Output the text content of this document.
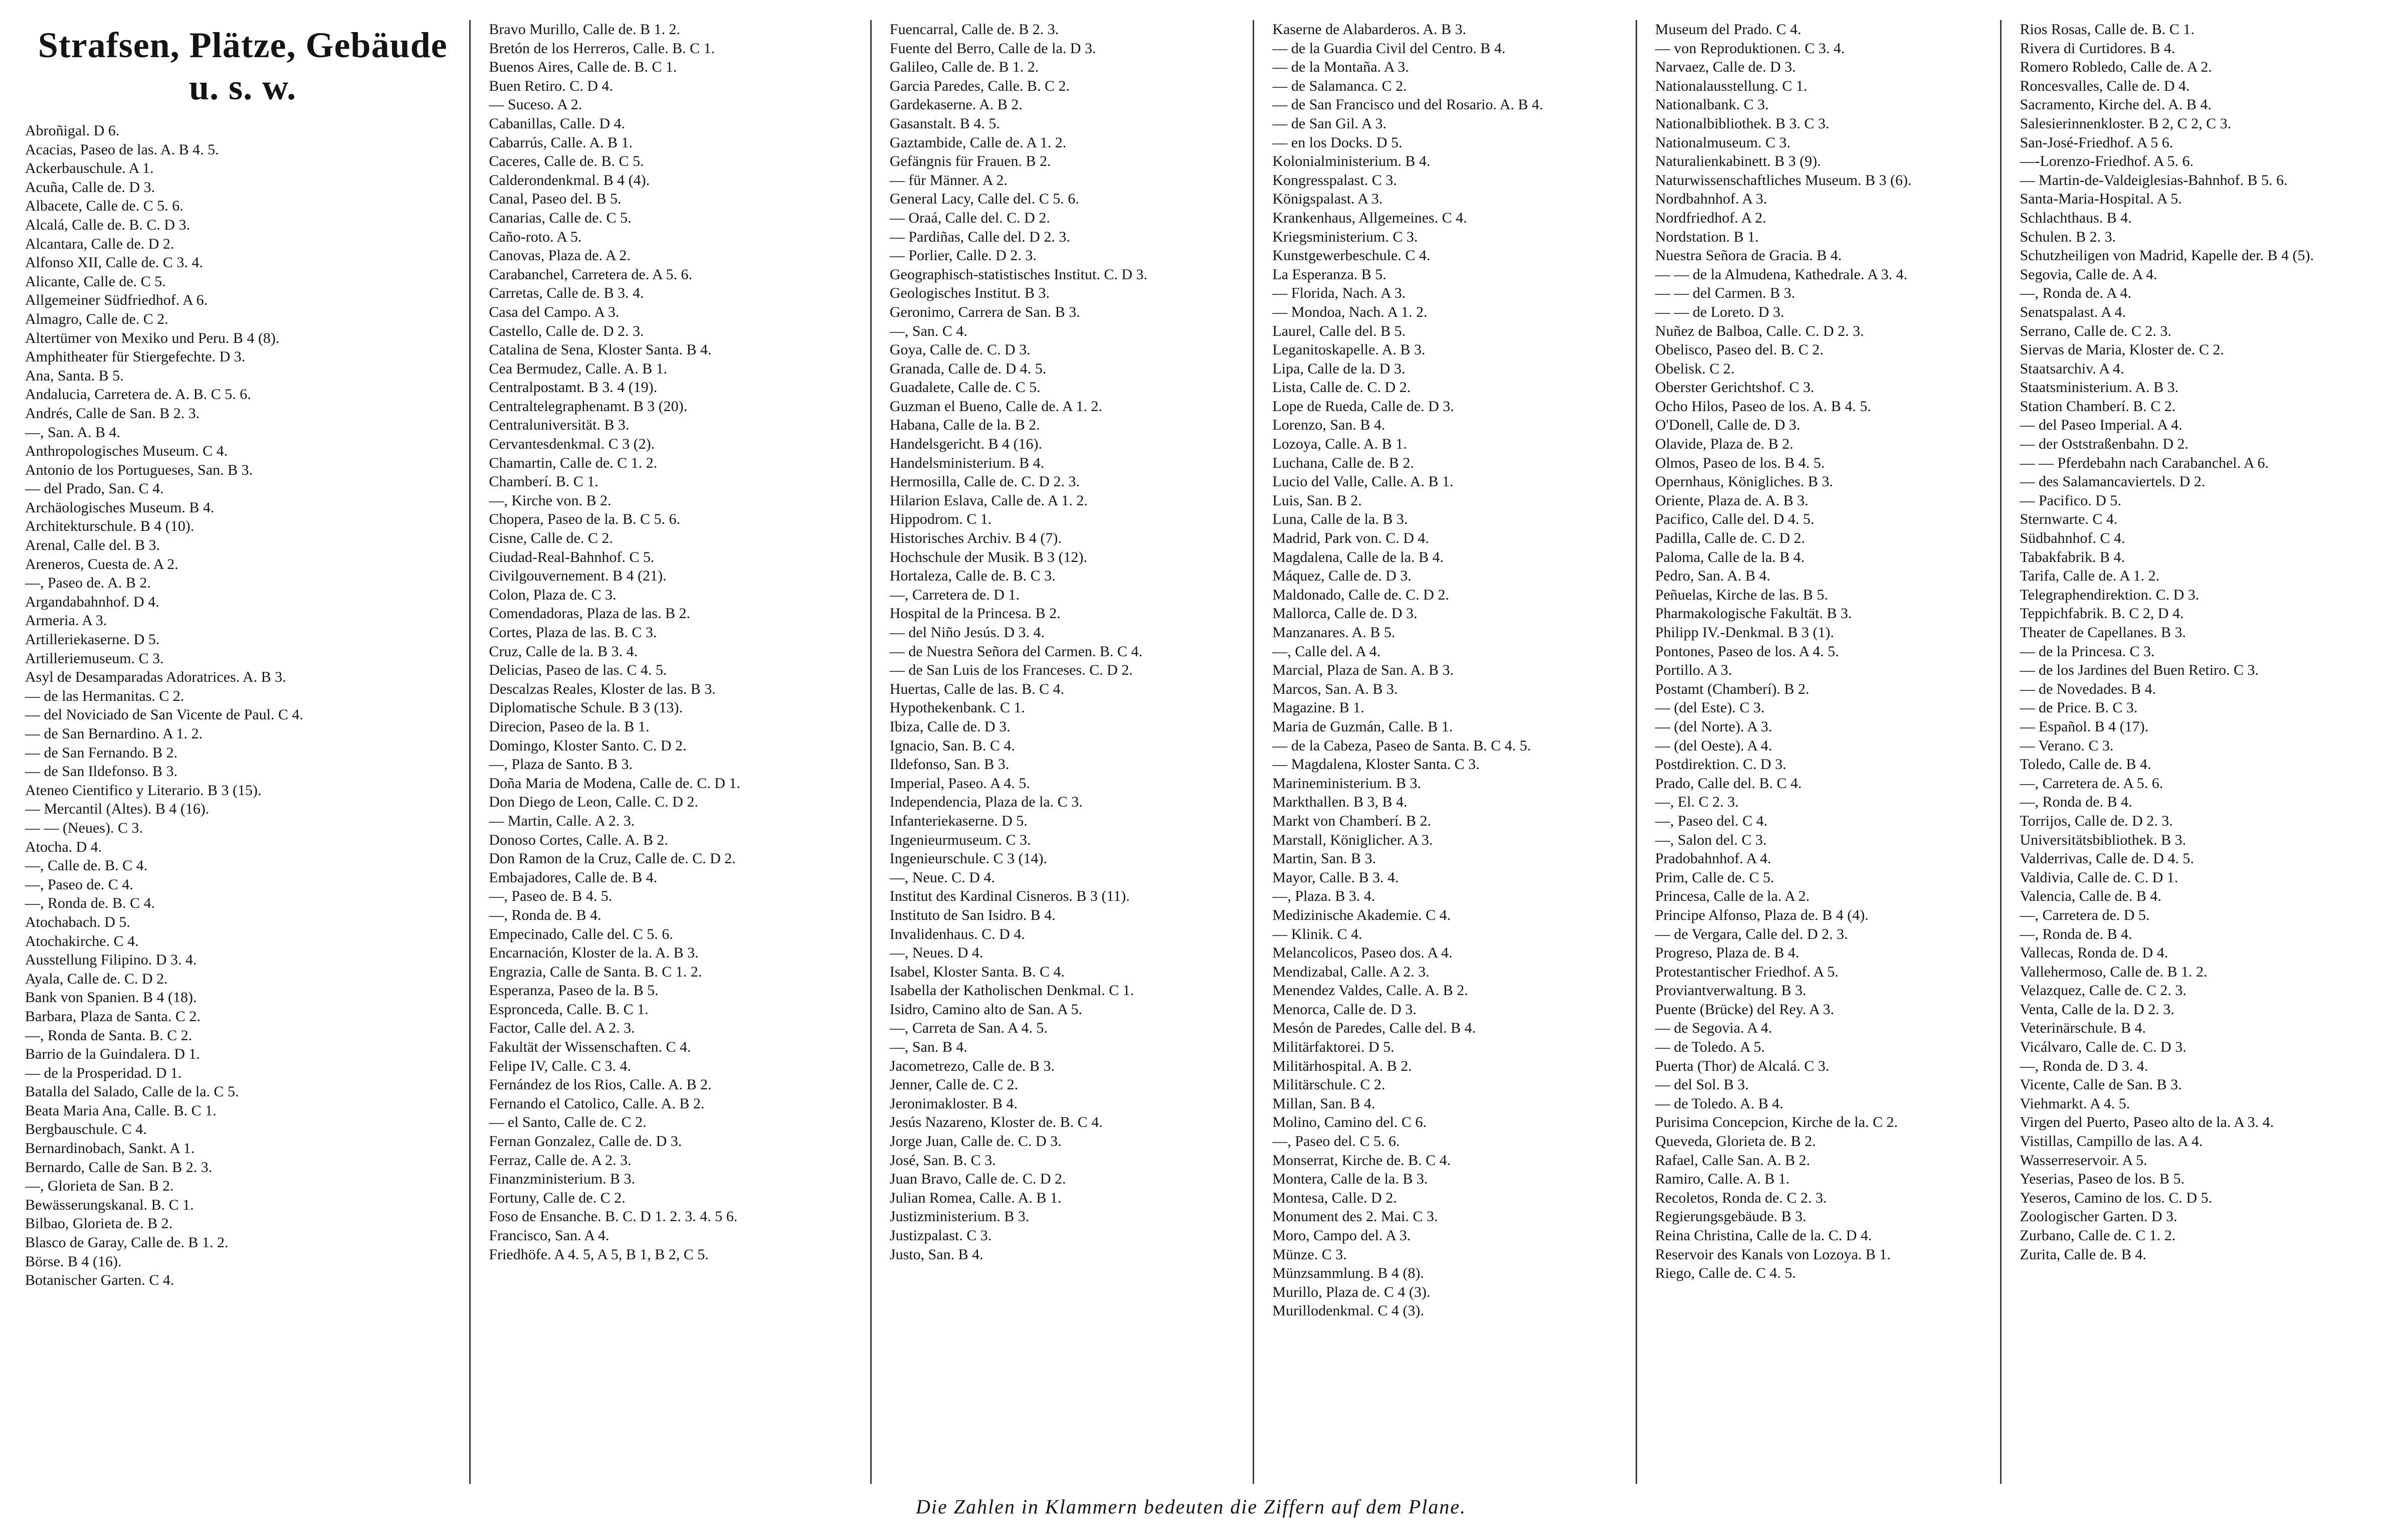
Strafsen, Plätze, Gebäude u. s. w.
Abroñigal. D 6.
Acacias, Paseo de las. A. B 4. 5.
Ackerbauschule. A 1.
Acuña, Calle de. D 3.
Albacete, Calle de. C 5. 6.
Alcalá, Calle de. B. C. D 3.
Alcantara, Calle de. D 2.
Alfonso XII, Calle de. C 3. 4.
Alicante, Calle de. C 5.
Allgemeiner Südfriedhof. A 6.
Almagro, Calle de. C 2.
Altertümer von Mexiko und Peru. B 4 (8).
Amphitheater für Stiergefechte. D 3.
Ana, Santa. B 5.
Andalucia, Carretera de. A. B. C 5. 6.
Andrés, Calle de San. B 2. 3.
—, San. A. B 4.
Anthropologisches Museum. C 4.
Antonio de los Portugueses, San. B 3.
— del Prado, San. C 4.
Archäologisches Museum. B 4.
Architekturschule. B 4 (10).
Arenal, Calle del. B 3.
Areneros, Cuesta de. A 2.
—, Paseo de. A. B 2.
Argandabahnhof. D 4.
Armeria. A 3.
Artilleriekaserne. D 5.
Artilleriemuseum. C 3.
Asyl de Desamparadas Adoratrices. A. B 3.
— de las Hermanitas. C 2.
— del Noviciado de San Vicente de Paul. C 4.
— de San Bernardino. A 1. 2.
— de San Fernando. B 2.
— de San Ildefonso. B 3.
Ateneo Cientifico y Literario. B 3 (15).
— Mercantil (Altes). B 4 (16).
— — (Neues). C 3.
Atocha. D 4.
—, Calle de. B. C 4.
—, Paseo de. C 4.
—, Ronda de. B. C 4.
Atochabach. D 5.
Atochakirche. C 4.
Ausstellung Filipino. D 3. 4.
Ayala, Calle de. C. D 2.
Bank von Spanien. B 4 (18).
Barbara, Plaza de Santa. C 2.
—, Ronda de Santa. B. C 2.
Barrio de la Guindalera. D 1.
— de la Prosperidad. D 1.
Batalla del Salado, Calle de la. C 5.
Beata Maria Ana, Calle. B. C 1.
Bergbauschule. C 4.
Bernardinobach, Sankt. A 1.
Bernardo, Calle de San. B 2. 3.
—, Glorieta de San. B 2.
Bewässerungskanal. B. C 1.
Bilbao, Glorieta de. B 2.
Blasco de Garay, Calle de. B 1. 2.
Börse. B 4 (16).
Botanischer Garten. C 4.
Bravo Murillo, Calle de. B 1. 2.
Bretón de los Herreros, Calle. B. C 1.
Buenos Aires, Calle de. B. C 1.
Buen Retiro. C. D 4.
— Suceso. A 2.
Cabanillas, Calle. D 4.
Cabarrús, Calle. A. B 1.
Caceres, Calle de. B. C 5.
Calderondenkmal. B 4 (4).
Canal, Paseo del. B 5.
Canarias, Calle de. C 5.
Caño-roto. A 5.
Canovas, Plaza de. A 2.
Carabanchel, Carretera de. A 5. 6.
Carretas, Calle de. B 3. 4.
Casa del Campo. A 3.
Castello, Calle de. D 2. 3.
Catalina de Sena, Kloster Santa. B 4.
Cea Bermudez, Calle. A. B 1.
Centralpostamt. B 3. 4 (19).
Centraltelegraphenamt. B 3 (20).
Centraluniversität. B 3.
Cervantesdenkmal. C 3 (2).
Chamartin, Calle de. C 1. 2.
Chamberí. B. C 1.
—, Kirche von. B 2.
Chopera, Paseo de la. B. C 5. 6.
Cisne, Calle de. C 2.
Ciudad-Real-Bahnhof. C 5.
Civilgouvernement. B 4 (21).
Colon, Plaza de. C 3.
Comendadoras, Plaza de las. B 2.
Cortes, Plaza de las. B. C 3.
Cruz, Calle de la. B 3. 4.
Delicias, Paseo de las. C 4. 5.
Descalzas Reales, Kloster de las. B 3.
Diplomatische Schule. B 3 (13).
Direcion, Paseo de la. B 1.
Domingo, Kloster Santo. C. D 2.
—, Plaza de Santo. B 3.
Doña Maria de Modena, Calle de. C. D 1.
Don Diego de Leon, Calle. C. D 2.
— Martin, Calle. A 2. 3.
Donoso Cortes, Calle. A. B 2.
Don Ramon de la Cruz, Calle de. C. D 2.
Embajadores, Calle de. B 4.
—, Paseo de. B 4. 5.
—, Ronda de. B 4.
Empecinado, Calle del. C 5. 6.
Encarnación, Kloster de la. A. B 3.
Engrazia, Calle de Santa. B. C 1. 2.
Esperanza, Paseo de la. B 5.
Espronceda, Calle. B. C 1.
Factor, Calle del. A 2. 3.
Fakultät der Wissenschaften. C 4.
Felipe IV, Calle. C 3. 4.
Fernández de los Rios, Calle. A. B 2.
Fernando el Catolico, Calle. A. B 2.
— el Santo, Calle de. C 2.
Fernan Gonzalez, Calle de. D 3.
Ferraz, Calle de. A 2. 3.
Finanzministerium. B 3.
Fortuny, Calle de. C 2.
Foso de Ensanche. B. C. D 1. 2. 3. 4. 5 6.
Francisco, San. A 4.
Friedhöfe. A 4. 5, A 5, B 1, B 2, C 5.
Fuencarral, Calle de. B 2. 3.
Fuente del Berro, Calle de la. D 3.
Galileo, Calle de. B 1. 2.
Garcia Paredes, Calle. B. C 2.
Gardekaserne. A. B 2.
Gasanstalt. B 4. 5.
Gaztambide, Calle de. A 1. 2.
Gefängnis für Frauen. B 2.
— für Männer. A 2.
General Lacy, Calle del. C 5. 6.
— Oraá, Calle del. C. D 2.
— Pardiñas, Calle del. D 2. 3.
— Porlier, Calle. D 2. 3.
Geographisch-statistisches Institut. C. D 3.
Geologisches Institut. B 3.
Geronimo, Carrera de San. B 3.
—, San. C 4.
Goya, Calle de. C. D 3.
Granada, Calle de. D 4. 5.
Guadalete, Calle de. C 5.
Guzman el Bueno, Calle de. A 1. 2.
Habana, Calle de la. B 2.
Handelsgericht. B 4 (16).
Handelsministerium. B 4.
Hermosilla, Calle de. C. D 2. 3.
Hilarion Eslava, Calle de. A 1. 2.
Hippodrom. C 1.
Historisches Archiv. B 4 (7).
Hochschule der Musik. B 3 (12).
Hortaleza, Calle de. B. C 3.
—, Carretera de. D 1.
Hospital de la Princesa. B 2.
— del Niño Jesús. D 3. 4.
— de Nuestra Señora del Carmen. B. C 4.
— de San Luis de los Franceses. C. D 2.
Huertas, Calle de las. B. C 4.
Hypothekenbank. C 1.
Ibiza, Calle de. D 3.
Ignacio, San. B. C 4.
Ildefonso, San. B 3.
Imperial, Paseo. A 4. 5.
Independencia, Plaza de la. C 3.
Infanteriekaserne. D 5.
Ingenieurmuseum. C 3.
Ingenieurschule. C 3 (14).
—, Neue. C. D 4.
Institut des Kardinal Cisneros. B 3 (11).
Instituto de San Isidro. B 4.
Invalidenhaus. C. D 4.
—, Neues. D 4.
Isabel, Kloster Santa. B. C 4.
Isabella der Katholischen Denkmal. C 1.
Isidro, Camino alto de San. A 5.
—, Carreta de San. A 4. 5.
—, San. B 4.
Jacometrezo, Calle de. B 3.
Jenner, Calle de. C 2.
Jeronimakloster. B 4.
Jesús Nazareno, Kloster de. B. C 4.
Jorge Juan, Calle de. C. D 3.
José, San. B. C 3.
Juan Bravo, Calle de. C. D 2.
Julian Romea, Calle. A. B 1.
Justizministerium. B 3.
Justizpalast. C 3.
Justo, San. B 4.
Kaserne de Alabarderos. A. B 3.
— de la Guardia Civil del Centro. B 4.
— de la Montaña. A 3.
— de Salamanca. C 2.
— de San Francisco und del Rosario. A. B 4.
— de San Gil. A 3.
— en los Docks. D 5.
Kolonialministerium. B 4.
Kongresspalast. C 3.
Königspalast. A 3.
Krankenhaus, Allgemeines. C 4.
Kriegsministerium. C 3.
Kunstgewerbeschule. C 4.
La Esperanza. B 5.
— Florida, Nach. A 3.
— Mondoa, Nach. A 1. 2.
Laurel, Calle del. B 5.
Leganitoskapelle. A. B 3.
Lipa, Calle de la. D 3.
Lista, Calle de. C. D 2.
Lope de Rueda, Calle de. D 3.
Lorenzo, San. B 4.
Lozoya, Calle. A. B 1.
Luchana, Calle de. B 2.
Lucio del Valle, Calle. A. B 1.
Luis, San. B 2.
Luna, Calle de la. B 3.
Madrid, Park von. C. D 4.
Magdalena, Calle de la. B 4.
Máquez, Calle de. D 3.
Maldonado, Calle de. C. D 2.
Mallorca, Calle de. D 3.
Manzanares. A. B 5.
—, Calle del. A 4.
Marcial, Plaza de San. A. B 3.
Marcos, San. A. B 3.
Magazine. B 1.
Maria de Guzmán, Calle. B 1.
— de la Cabeza, Paseo de Santa. B. C 4. 5.
— Magdalena, Kloster Santa. C 3.
Marineministerium. B 3.
Markthallen. B 3, B 4.
Markt von Chamberí. B 2.
Marstall, Königlicher. A 3.
Martin, San. B 3.
Mayor, Calle. B 3. 4.
—, Plaza. B 3. 4.
Medizinische Akademie. C 4.
— Klinik. C 4.
Melancolicos, Paseo dos. A 4.
Mendizabal, Calle. A 2. 3.
Menendez Valdes, Calle. A. B 2.
Menorca, Calle de. D 3.
Mesón de Paredes, Calle del. B 4.
Militärfaktorei. D 5.
Militärhospital. A. B 2.
Militärschule. C 2.
Millan, San. B 4.
Molino, Camino del. C 6.
—, Paseo del. C 5. 6.
Monserrat, Kirche de. B. C 4.
Montera, Calle de la. B 3.
Montesa, Calle. D 2.
Monument des 2. Mai. C 3.
Moro, Campo del. A 3.
Münze. C 3.
Münzsammlung. B 4 (8).
Murillo, Plaza de. C 4 (3).
Murillodenkmal. C 4 (3).
Museum del Prado. C 4.
— von Reproduktionen. C 3. 4.
Narvaez, Calle de. D 3.
Nationalausstellung. C 1.
Nationalbank. C 3.
Nationalbibliothek. B 3. C 3.
Nationalmuseum. C 3.
Naturalienkabinett. B 3 (9).
Naturwissenschaftliches Museum. B 3 (6).
Nordbahnhof. A 3.
Nordfriedhof. A 2.
Nordstation. B 1.
Nuestra Señora de Gracia. B 4.
— — de la Almudena, Kathedrale. A 3. 4.
— — del Carmen. B 3.
— — de Loreto. D 3.
Nuñez de Balboa, Calle. C. D 2. 3.
Obelisco, Paseo del. B. C 2.
Obelisk. C 2.
Oberster Gerichtshof. C 3.
Ocho Hilos, Paseo de los. A. B 4. 5.
O'Donell, Calle de. D 3.
Olavide, Plaza de. B 2.
Olmos, Paseo de los. B 4. 5.
Opernhaus, Königliches. B 3.
Oriente, Plaza de. A. B 3.
Pacifico, Calle del. D 4. 5.
Padilla, Calle de. C. D 2.
Paloma, Calle de la. B 4.
Pedro, San. A. B 4.
Peñuelas, Kirche de las. B 5.
Pharmakologische Fakultät. B 3.
Philipp IV.-Denkmal. B 3 (1).
Pontones, Paseo de los. A 4. 5.
Portillo. A 3.
Postamt (Chamberí). B 2.
— (del Este). C 3.
— (del Norte). A 3.
— (del Oeste). A 4.
Postdirektion. C. D 3.
Prado, Calle del. B. C 4.
—, El. C 2. 3.
—, Paseo del. C 4.
—, Salon del. C 3.
Pradobahnhof. A 4.
Prim, Calle de. C 5.
Princesa, Calle de la. A 2.
Principe Alfonso, Plaza de. B 4 (4).
— de Vergara, Calle del. D 2. 3.
Progreso, Plaza de. B 4.
Protestantischer Friedhof. A 5.
Proviantverwaltung. B 3.
Puente (Brücke) del Rey. A 3.
— de Segovia. A 4.
— de Toledo. A 5.
Puerta (Thor) de Alcalá. C 3.
— del Sol. B 3.
— de Toledo. A. B 4.
Purisima Concepcion, Kirche de la. C 2.
Queveda, Glorieta de. B 2.
Rafael, Calle San. A. B 2.
Ramiro, Calle. A. B 1.
Recoletos, Ronda de. C 2. 3.
Regierungsgebäude. B 3.
Reina Christina, Calle de la. C. D 4.
Reservoir des Kanals von Lozoya. B 1.
Riego, Calle de. C 4. 5.
Rios Rosas, Calle de. B. C 1.
Rivera di Curtidores. B 4.
Romero Robledo, Calle de. A 2.
Roncesvalles, Calle de. D 4.
Sacramento, Kirche del. A. B 4.
Salesierinnenkloster. B 2, C 2, C 3.
San-José-Friedhof. A 5 6.
—-Lorenzo-Friedhof. A 5. 6.
— Martin-de-Valdeiglesias-Bahnhof. B 5. 6.
Santa-Maria-Hospital. A 5.
Schlachthaus. B 4.
Schulen. B 2. 3.
Schutzheiligen von Madrid, Kapelle der. B 4 (5).
Segovia, Calle de. A 4.
—, Ronda de. A 4.
Senatspalast. A 4.
Serrano, Calle de. C 2. 3.
Siervas de Maria, Kloster de. C 2.
Staatsarchiv. A 4.
Staatsministerium. A. B 3.
Station Chamberí. B. C 2.
— del Paseo Imperial. A 4.
— der Oststraßenbahn. D 2.
— — Pferdebahn nach Carabanchel. A 6.
— des Salamancaviertels. D 2.
— Pacifico. D 5.
Sternwarte. C 4.
Südbahnhof. C 4.
Tabakfabrik. B 4.
Tarifa, Calle de. A 1. 2.
Telegraphendirektion. C. D 3.
Teppichfabrik. B. C 2, D 4.
Theater de Capellanes. B 3.
— de la Princesa. C 3.
— de los Jardines del Buen Retiro. C 3.
— de Novedades. B 4.
— de Price. B. C 3.
— Español. B 4 (17).
— Verano. C 3.
Toledo, Calle de. B 4.
—, Carretera de. A 5. 6.
—, Ronda de. B 4.
Torrijos, Calle de. D 2. 3.
Universitätsbibliothek. B 3.
Valderrivas, Calle de. D 4. 5.
Valdivia, Calle de. C. D 1.
Valencia, Calle de. B 4.
—, Carretera de. D 5.
—, Ronda de. B 4.
Vallecas, Ronda de. D 4.
Vallehermoso, Calle de. B 1. 2.
Velazquez, Calle de. C 2. 3.
Venta, Calle de la. D 2. 3.
Veterinärschule. B 4.
Vicálvaro, Calle de. C. D 3.
—, Ronda de. D 3. 4.
Vicente, Calle de San. B 3.
Viehmarkt. A 4. 5.
Virgen del Puerto, Paseo alto de la. A 3. 4.
Vistillas, Campillo de las. A 4.
Wasserreservoir. A 5.
Yeserias, Paseo de los. B 5.
Yeseros, Camino de los. C. D 5.
Zoologischer Garten. D 3.
Zurbano, Calle de. C 1. 2.
Zurita, Calle de. B 4.
Die Zahlen in Klammern bedeuten die Ziffern auf dem Plane.
